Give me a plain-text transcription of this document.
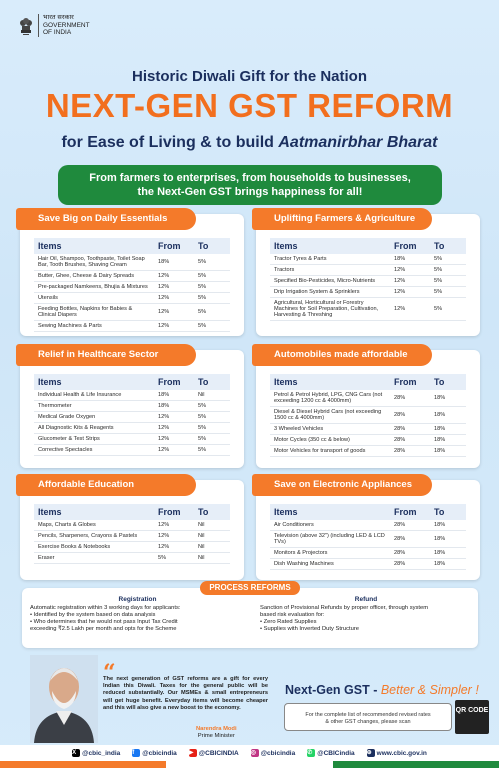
भारत सरकार
GOVERNMENT
OF INDIA
Historic Diwali Gift for the Nation
NEXT-GEN GST REFORM
for Ease of Living & to build Aatmanirbhar Bharat
From farmers to enterprises, from households to businesses,
the Next-Gen GST brings happiness for all!
Save Big on Daily Essentials
Items	From	To
Hair Oil, Shampoo, Toothpaste, Toilet Soap Bar, Tooth Brushes, Shaving Cream	18%	5%
Butter, Ghee, Cheese & Dairy Spreads	12%	5%
Pre-packaged Namkeens, Bhujia & Mixtures	12%	5%
Utensils	12%	5%
Feeding Bottles, Napkins for Babies & Clinical Diapers	12%	5%
Sewing Machines & Parts	12%	5%
Uplifting Farmers & Agriculture
Items	From	To
Tractor Tyres & Parts	18%	5%
Tractors	12%	5%
Specified Bio-Pesticides, Micro-Nutrients	12%	5%
Drip Irrigation System & Sprinklers	12%	5%
Agricultural, Horticultural or Forestry Machines for Soil Preparation, Cultivation, Harvesting & Threshing	12%	5%
Relief in Healthcare Sector
Items	From	To
Individual Health & Life Insurance	18%	Nil
Thermometer	18%	5%
Medical Grade Oxygen	12%	5%
All Diagnostic Kits & Reagents	12%	5%
Glucometer & Test Strips	12%	5%
Corrective Spectacles	12%	5%
Automobiles made affordable
Items	From	To
Petrol & Petrol Hybrid, LPG, CNG Cars (not exceeding 1200 cc & 4000mm)	28%	18%
Diesel & Diesel Hybrid Cars (not exceeding 1500 cc & 4000mm)	28%	18%
3 Wheeled Vehicles	28%	18%
Motor Cycles (350 cc & below)	28%	18%
Motor Vehicles for transport of goods	28%	18%
Affordable Education
Items	From	To
Maps, Charts & Globes	12%	Nil
Pencils, Sharpeners, Crayons & Pastels	12%	Nil
Exercise Books & Notebooks	12%	Nil
Eraser	5%	Nil
Save on Electronic Appliances
Items	From	To
Air Conditioners	28%	18%
Television (above 32") (including LED & LCD TVs)	28%	18%
Monitors & Projectors	28%	18%
Dish Washing Machines	28%	18%
PROCESS REFORMS
Registration
Automatic registration within 3 working days for applicants:
• Identified by the system based on data analysis
• Who determines that he would not pass Input Tax Credit
exceeding ₹2.5 Lakh per month and opts for the Scheme
Refund
Sanction of Provisional Refunds by proper officer, through system
based risk evaluation for:
• Zero Rated Supplies
• Supplies with Inverted Duty Structure
“
The next generation of GST reforms are a gift for every Indian this Diwali. Taxes for the general public will be reduced substantially. Our MSMEs & small entrepreneurs will get huge benefit. Everyday items will become cheaper and this will also give a new boost to the economy.
Narendra Modi
Prime Minister
Next-Gen GST - Better & Simpler !
For the complete list of recommended revised rates
& other GST changes, please scan
QR CODE
X @cbic_india f	@cbicindia ▶ @CBICINDIA ◎ @cbicindia ✆ @CBICindia ⊕ www.cbic.gov.in
